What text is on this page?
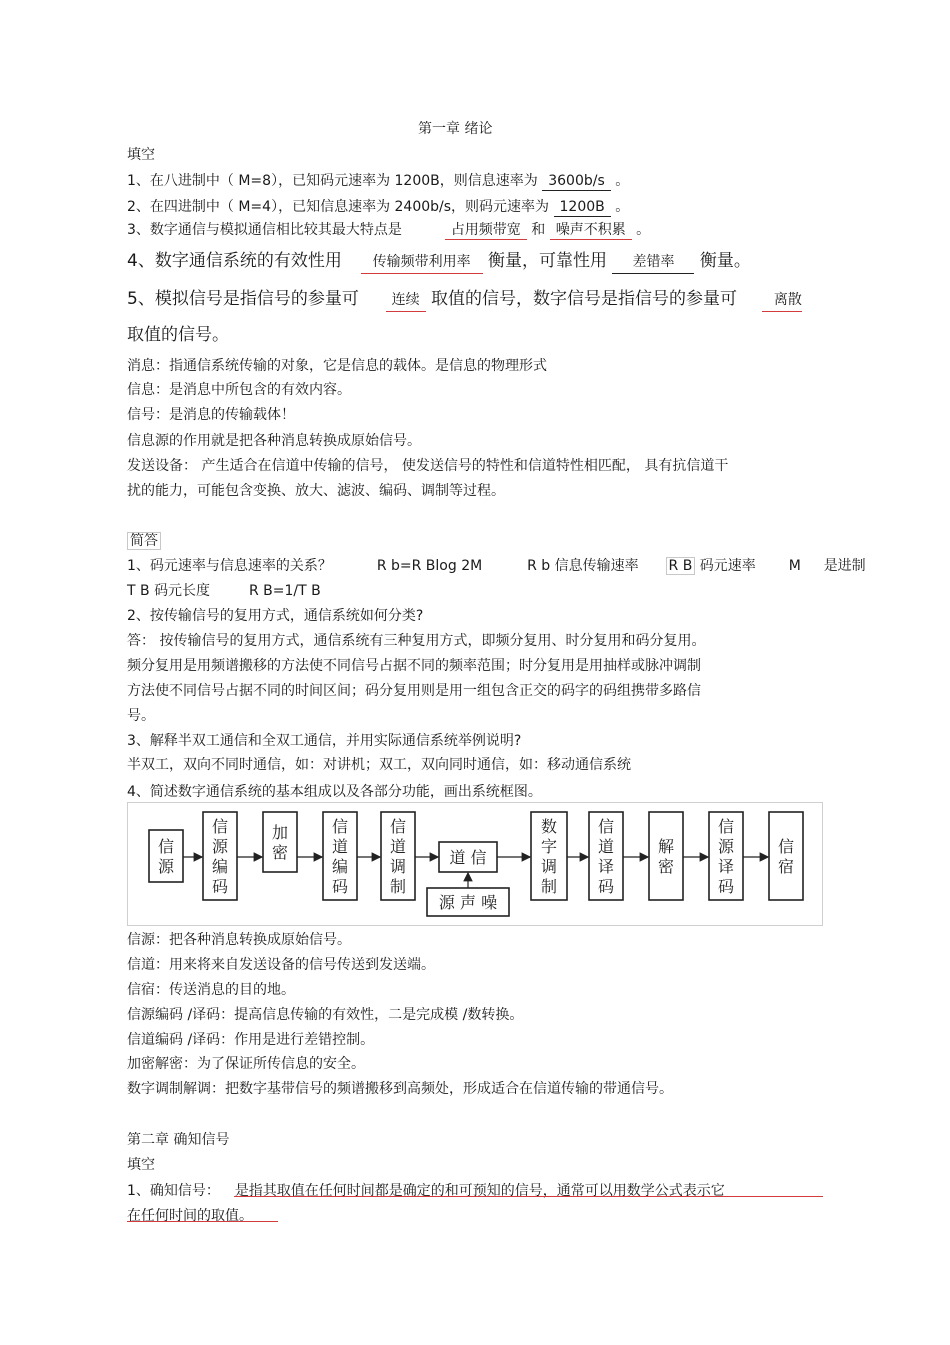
第一章 绪论
填空
1、在八进制中（ M=8），已知码元速率为 1200B，则信息速率为 3600b/s 。
2、在四进制中（ M=4），已知信息速率为 2400b/s，则码元速率为 1200B 。
3、数字通信与模拟通信相比较其最大特点是	占用频带宽 和 噪声不积累 。
4、数字通信系统的有效性用 传输频带利用率 衡量，可靠性用 差错率 衡量。
5、模拟信号是指信号的参量可 连续 取值的信号，数字信号是指信号的参量可	离散
取值的信号。
消息：指通信系统传输的对象，它是信息的载体。是信息的物理形式
信息：是消息中所包含的有效内容。
信号：是消息的传输载体！
信息源的作用就是把各种消息转换成原始信号。
发送设备： 产生适合在信道中传输的信号， 使发送信号的特性和信道特性相匹配， 具有抗信道干
扰的能力，可能包含变换、放大、滤波、编码、调制等过程。
简答
1、码元速率与信息速率的关系？	R b=R Blog 2M	R b 信息传输速率 R B 码元速率 M 是进制
T B 码元长度	R B=1/T B
2、按传输信号的复用方式，通信系统如何分类?
答： 按传输信号的复用方式，通信系统有三种复用方式，即频分复用、时分复用和码分复用。
频分复用是用频谱搬移的方法使不同信号占据不同的频率范围；时分复用是用抽样或脉冲调制
方法使不同信号占据不同的时间区间；码分复用则是用一组包含正交的码字的码组携带多路信
号。
3、解释半双工通信和全双工通信，并用实际通信系统举例说明?
半双工，双向不同时通信，如：对讲机；双工，双向同时通信，如：移动通信系统
4、简述数字通信系统的基本组成以及各部分功能，画出系统框图。
信
源
信
源
编
码
加
密
信
道
编
码
信
道
调
制
道 信
数
字
调
制
信
道
译
码
解
密
信
源
译
码
信
宿
源 声 噪
信源：把各种消息转换成原始信号。
信道：用来将来自发送设备的信号传送到发送端。
信宿：传送消息的目的地。
信源编码 /译码：提高信息传输的有效性，二是完成模 /数转换。
信道编码 /译码：作用是进行差错控制。
加密解密：为了保证所传信息的安全。
数字调制解调：把数字基带信号的频谱搬移到高频处，形成适合在信道传输的带通信号。
第二章 确知信号
填空
1、确知信号：  是指其取值在任何时间都是确定的和可预知的信号，通常可以用数学公式表示它
在任何时间的取值。
